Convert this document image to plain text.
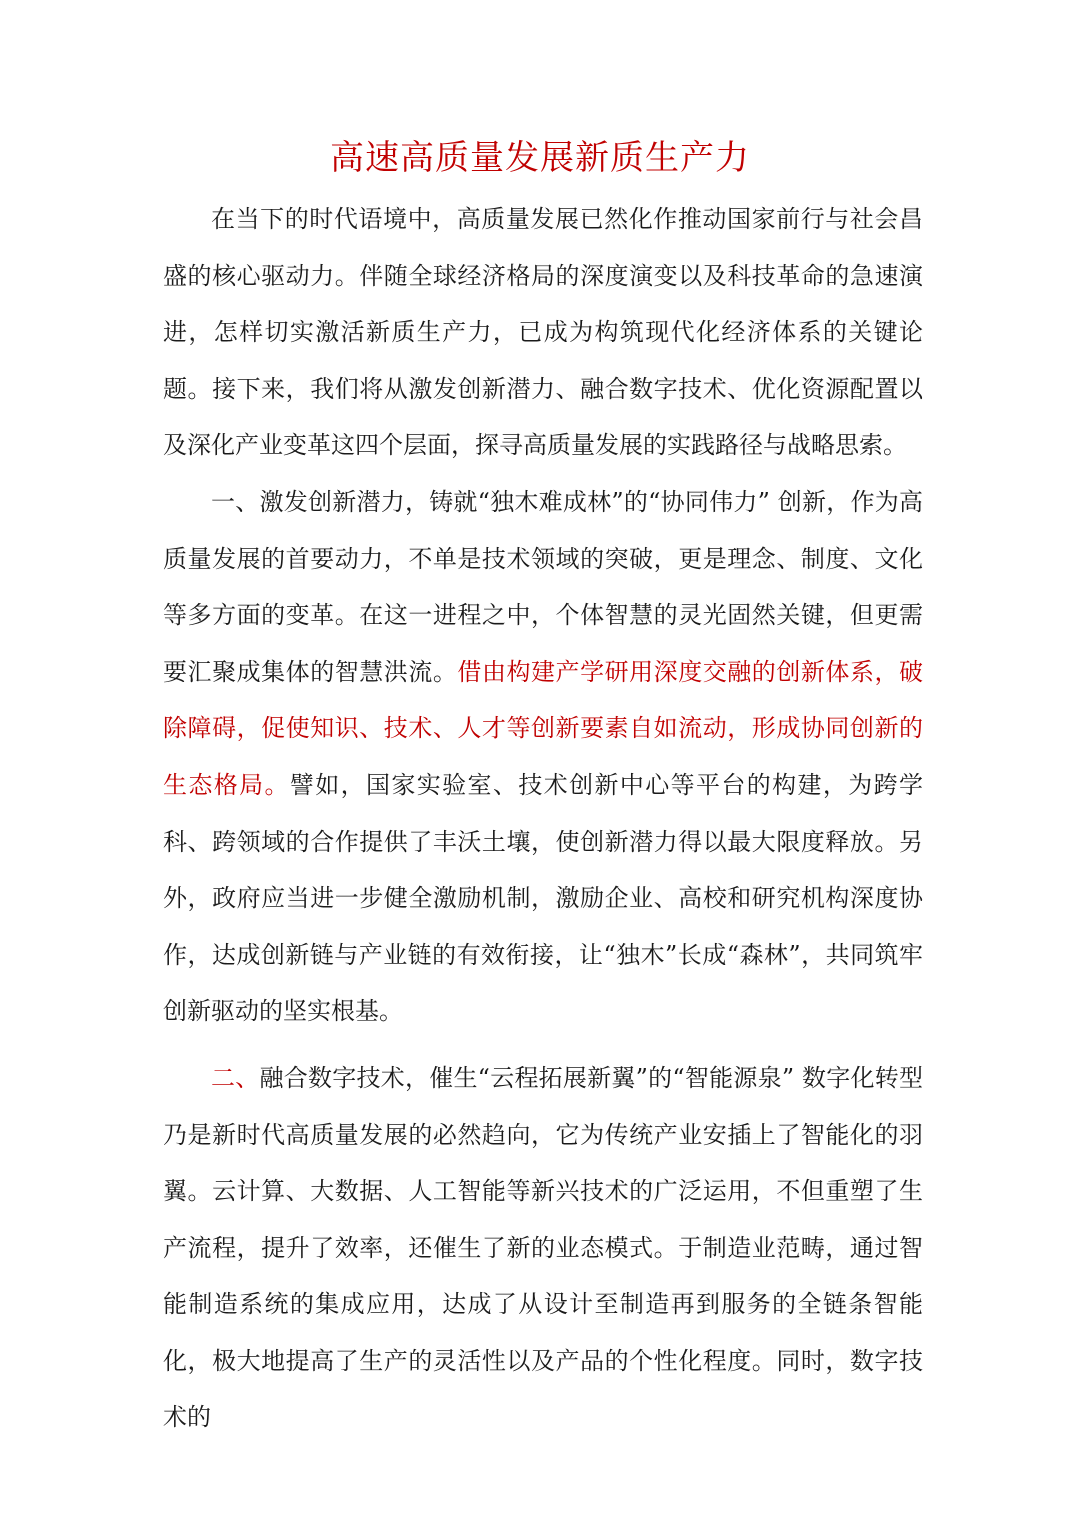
高速高质量发展新质生产力

在当下的时代语境中，高质量发展已然化作推动国家前行与社会昌盛的核心驱动力。伴随全球经济格局的深度演变以及科技革命的急速演进，怎样切实激活新质生产力，已成为构筑现代化经济体系的关键论题。接下来，我们将从激发创新潜力、融合数字技术、优化资源配置以及深化产业变革这四个层面，探寻高质量发展的实践路径与战略思索。

一、激发创新潜力，铸就“独木难成林”的“协同伟力” 创新，作为高质量发展的首要动力，不单是技术领域的突破，更是理念、制度、文化等多方面的变革。在这一进程之中，个体智慧的灵光固然关键，但更需要汇聚成集体的智慧洪流。借由构建产学研用深度交融的创新体系，破除障碍，促使知识、技术、人才等创新要素自如流动，形成协同创新的生态格局。譬如，国家实验室、技术创新中心等平台的构建，为跨学科、跨领域的合作提供了丰沃土壤，使创新潜力得以最大限度释放。另外，政府应当进一步健全激励机制，激励企业、高校和研究机构深度协作，达成创新链与产业链的有效衔接，让“独木”长成“森林”，共同筑牢创新驱动的坚实根基。

二、融合数字技术，催生“云程拓展新翼”的“智能源泉” 数字化转型乃是新时代高质量发展的必然趋向，它为传统产业安插上了智能化的羽翼。云计算、大数据、人工智能等新兴技术的广泛运用，不但重塑了生产流程，提升了效率，还催生了新的业态模式。于制造业范畴，通过智能制造系统的集成应用，达成了从设计至制造再到服务的全链条智能化，极大地提高了生产的灵活性以及产品的个性化程度。同时，数字技术的
